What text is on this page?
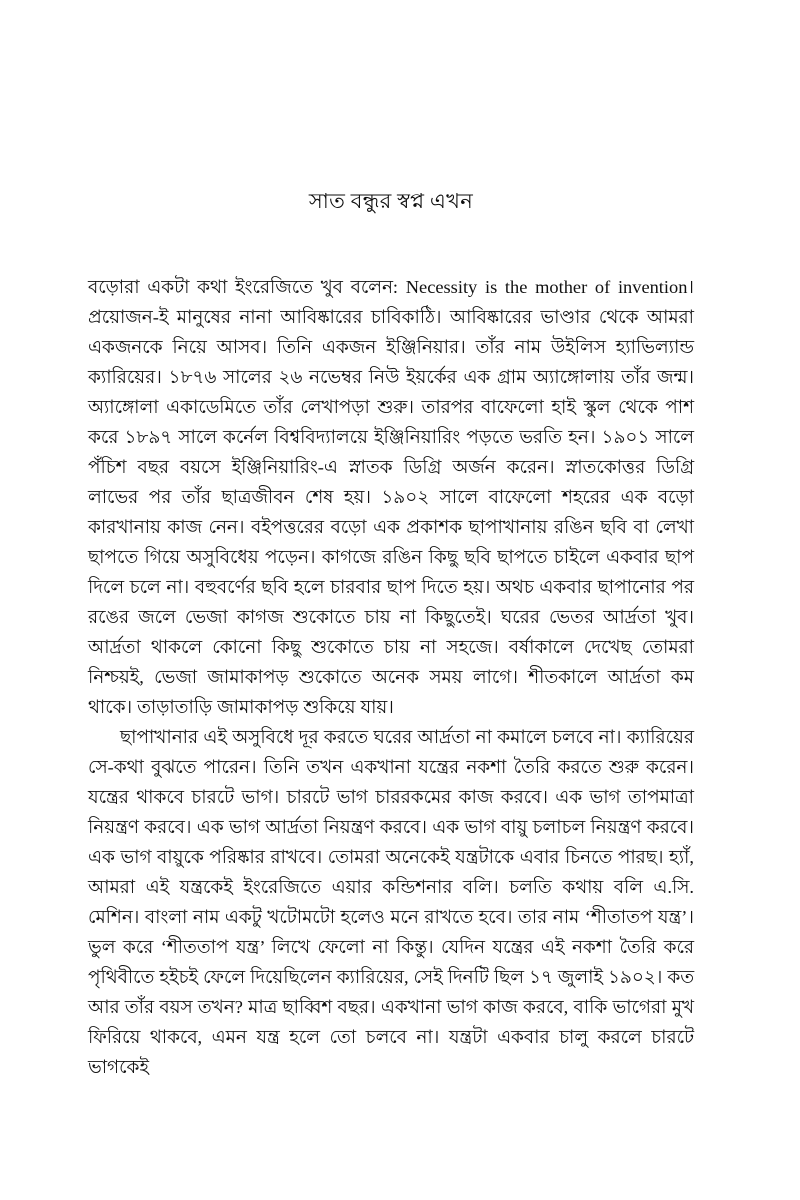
সাত বন্ধুর স্বপ্ন এখন

বড়োরা একটা কথা ইংরেজিতে খুব বলেন: Necessity is the mother of invention। প্রয়োজন-ই মানুষের নানা আবিষ্কারের চাবিকাঠি। আবিষ্কারের ভাণ্ডার থেকে আমরা একজনকে নিয়ে আসব। তিনি একজন ইঞ্জিনিয়ার। তাঁর নাম উইলিস হ্যাভিল্যান্ড ক্যারিয়ের। ১৮৭৬ সালের ২৬ নভেম্বর নিউ ইয়র্কের এক গ্রাম অ্যাঙ্গোলায় তাঁর জন্ম। অ্যাঙ্গোলা একাডেমিতে তাঁর লেখাপড়া শুরু। তারপর বাফেলো হাই স্কুল থেকে পাশ করে ১৮৯৭ সালে কর্নেল বিশ্ববিদ্যালয়ে ইঞ্জিনিয়ারিং পড়তে ভরতি হন। ১৯০১ সালে পঁচিশ বছর বয়সে ইঞ্জিনিয়ারিং-এ স্নাতক ডিগ্রি অর্জন করেন। স্নাতকোত্তর ডিগ্রি লাভের পর তাঁর ছাত্রজীবন শেষ হয়। ১৯০২ সালে বাফেলো শহরের এক বড়ো কারখানায় কাজ নেন। বইপত্তরের বড়ো এক প্রকাশক ছাপাখানায় রঙিন ছবি বা লেখা ছাপতে গিয়ে অসুবিধেয় পড়েন। কাগজে রঙিন কিছু ছবি ছাপতে চাইলে একবার ছাপ দিলে চলে না। বহুবর্ণের ছবি হলে চারবার ছাপ দিতে হয়। অথচ একবার ছাপানোর পর রঙের জলে ভেজা কাগজ শুকোতে চায় না কিছুতেই। ঘরের ভেতর আর্দ্রতা খুব। আর্দ্রতা থাকলে কোনো কিছু শুকোতে চায় না সহজে। বর্ষাকালে দেখেছ তোমরা নিশ্চয়ই, ভেজা জামাকাপড় শুকোতে অনেক সময় লাগে। শীতকালে আর্দ্রতা কম থাকে। তাড়াতাড়ি জামাকাপড় শুকিয়ে যায়।

ছাপাখানার এই অসুবিধে দূর করতে ঘরের আর্দ্রতা না কমালে চলবে না। ক্যারিয়ের সে-কথা বুঝতে পারেন। তিনি তখন একখানা যন্ত্রের নকশা তৈরি করতে শুরু করেন। যন্ত্রের থাকবে চারটে ভাগ। চারটে ভাগ চাররকমের কাজ করবে। এক ভাগ তাপমাত্রা নিয়ন্ত্রণ করবে। এক ভাগ আর্দ্রতা নিয়ন্ত্রণ করবে। এক ভাগ বায়ু চলাচল নিয়ন্ত্রণ করবে। এক ভাগ বায়ুকে পরিষ্কার রাখবে। তোমরা অনেকেই যন্ত্রটাকে এবার চিনতে পারছ। হ্যাঁ, আমরা এই যন্ত্রকেই ইংরেজিতে এয়ার কন্ডিশনার বলি। চলতি কথায় বলি এ.সি. মেশিন। বাংলা নাম একটু খটোমটো হলেও মনে রাখতে হবে। তার নাম ‘শীতাতপ যন্ত্র’। ভুল করে ‘শীততাপ যন্ত্র’ লিখে ফেলো না কিন্তু। যেদিন যন্ত্রের এই নকশা তৈরি করে পৃথিবীতে হইচই ফেলে দিয়েছিলেন ক্যারিয়ের, সেই দিনটি ছিল ১৭ জুলাই ১৯০২। কত আর তাঁর বয়স তখন? মাত্র ছাব্বিশ বছর। একখানা ভাগ কাজ করবে, বাকি ভাগেরা মুখ ফিরিয়ে থাকবে, এমন যন্ত্র হলে তো চলবে না। যন্ত্রটা একবার চালু করলে চারটে ভাগকেই
